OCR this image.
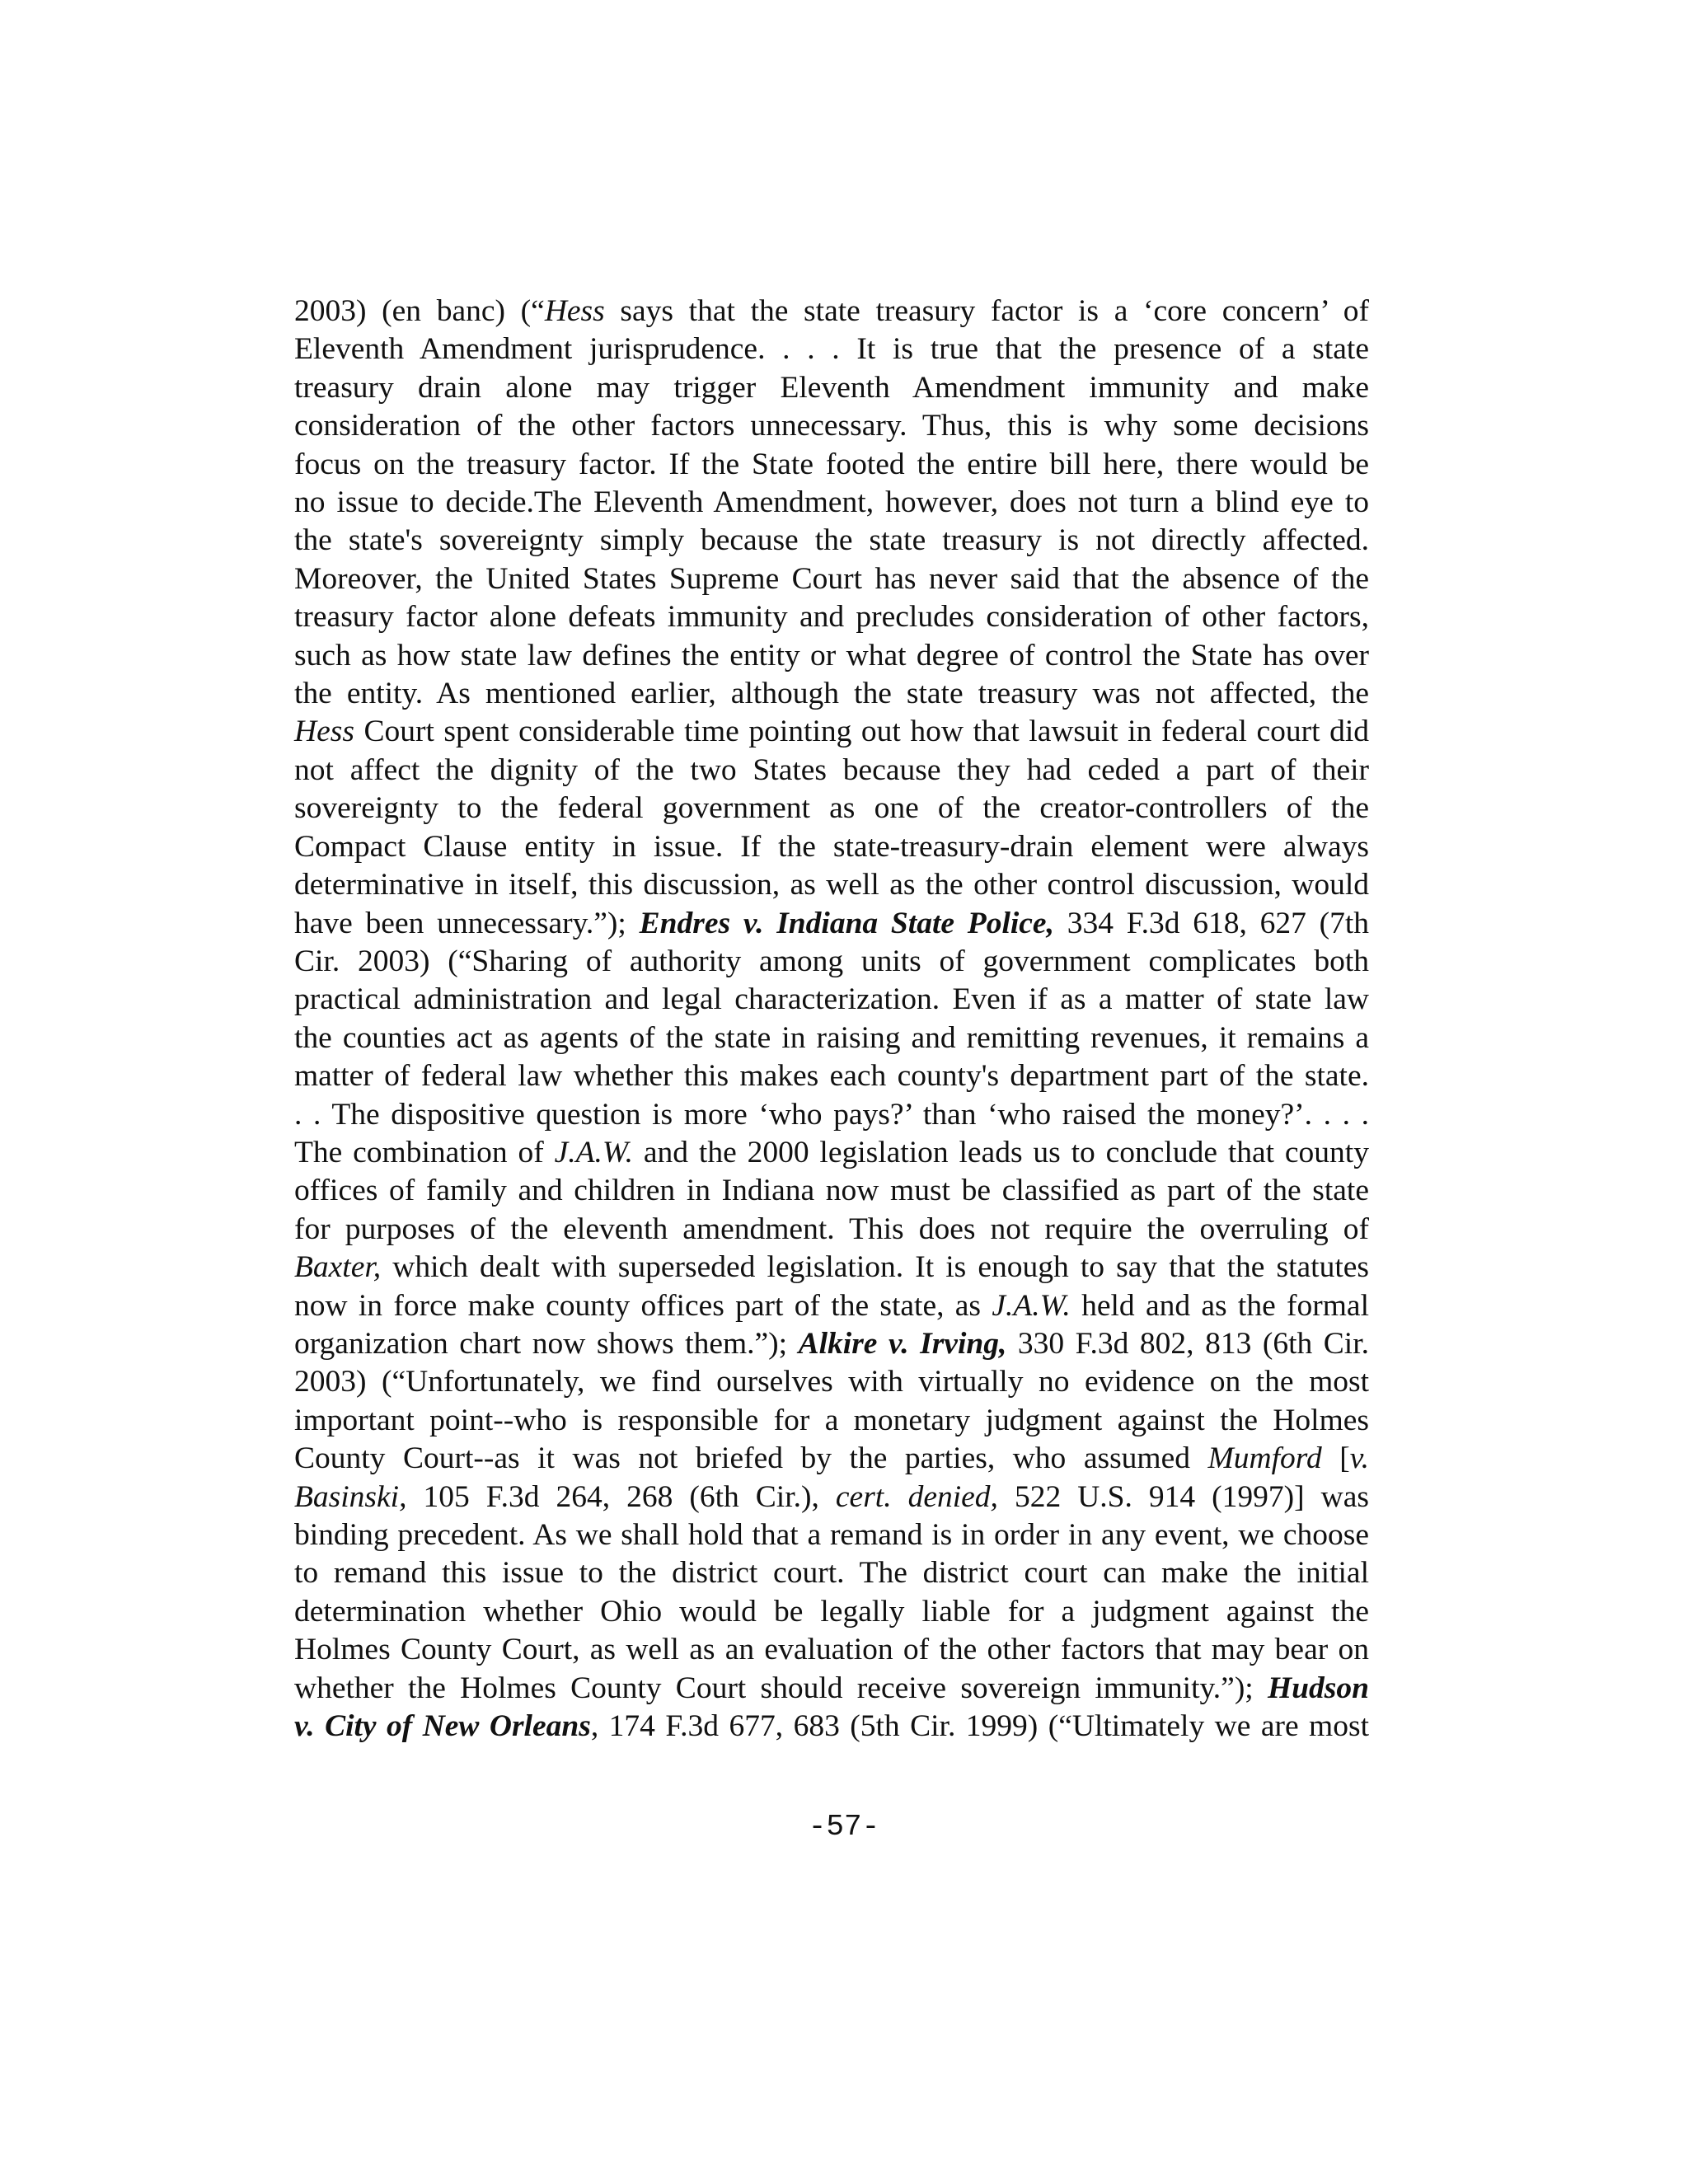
2003) (en banc) (“Hess says that the state treasury factor is a ‘core concern’ of
Eleventh Amendment jurisprudence. . . . It is true that the presence of a state
treasury drain alone may trigger Eleventh Amendment immunity and make
consideration of the other factors unnecessary. Thus, this is why some decisions
focus on the treasury factor. If the State footed the entire bill here, there would be
no issue to decide.The Eleventh Amendment, however, does not turn a blind eye to
the state's sovereignty simply because the state treasury is not directly affected.
Moreover, the United States Supreme Court has never said that the absence of the
treasury factor alone defeats immunity and precludes consideration of other factors,
such as how state law defines the entity or what degree of control the State has over
the entity. As mentioned earlier, although the state treasury was not affected, the
Hess Court spent considerable time pointing out how that lawsuit in federal court did
not affect the dignity of the two States because they had ceded a part of their
sovereignty to the federal government as one of the creator-controllers of the
Compact Clause entity in issue. If the state-treasury-drain element were always
determinative in itself, this discussion, as well as the other control discussion, would
have been unnecessary.”); Endres v. Indiana State Police, 334 F.3d 618, 627 (7th
Cir. 2003) (“Sharing of authority among units of government complicates both
practical administration and legal characterization. Even if as a matter of state law
the counties act as agents of the state in raising and remitting revenues, it remains a
matter of federal law whether this makes each county's department part of the state.
. . The dispositive question is more ‘who pays?’ than ‘who raised the money?’. . . .
The combination of J.A.W. and the 2000 legislation leads us to conclude that county
offices of family and children in Indiana now must be classified as part of the state
for purposes of the eleventh amendment. This does not require the overruling of
Baxter, which dealt with superseded legislation. It is enough to say that the statutes
now in force make county offices part of the state, as J.A.W. held and as the formal
organization chart now shows them.”); Alkire v. Irving, 330 F.3d 802, 813 (6th Cir.
2003) (“Unfortunately, we find ourselves with virtually no evidence on the most
important point--who is responsible for a monetary judgment against the Holmes
County Court--as it was not briefed by the parties, who assumed Mumford [v.
Basinski, 105 F.3d 264, 268 (6th Cir.), cert. denied, 522 U.S. 914 (1997)] was
binding precedent. As we shall hold that a remand is in order in any event, we choose
to remand this issue to the district court. The district court can make the initial
determination whether Ohio would be legally liable for a judgment against the
Holmes County Court, as well as an evaluation of the other factors that may bear on
whether the Holmes County Court should receive sovereign immunity.”); Hudson
v. City of New Orleans, 174 F.3d 677, 683 (5th Cir. 1999) (“Ultimately we are most
-57-
